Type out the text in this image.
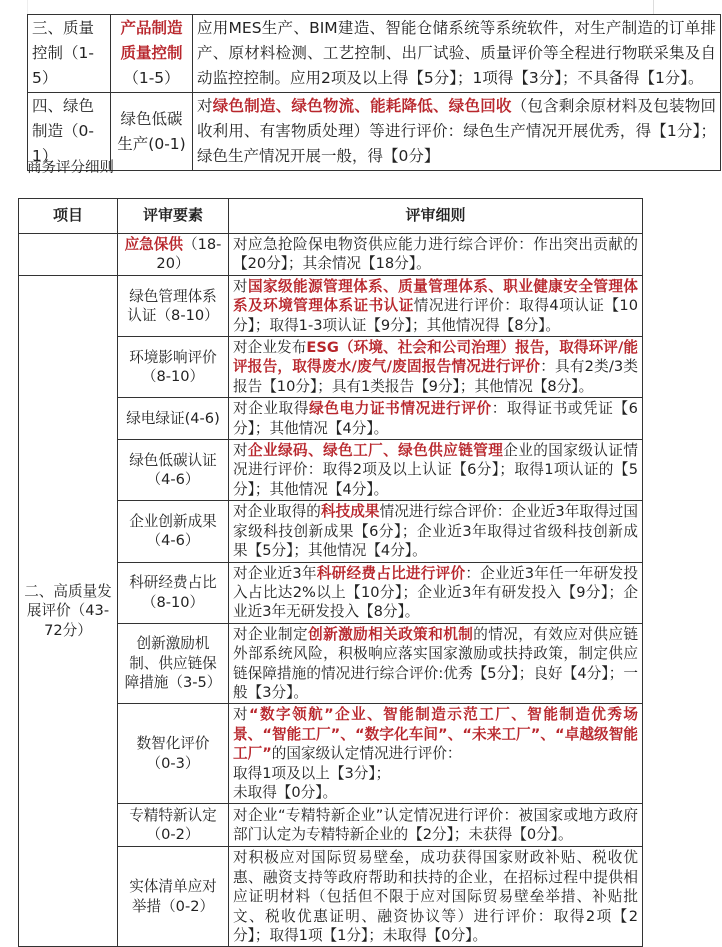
三、质量控制（1-5）	产品制造质量控制（1-5）	应用MES生产、BIM建造、智能仓储系统等系统软件，对生产制造的订单排产、原材料检测、工艺控制、出厂试验、质量评价等全程进行物联采集及自动监控控制。应用2项及以上得【5分】；1项得【3分】；不具备得【1分】。
四、绿色制造（0-1）	绿色低碳生产(0-1)	对绿色制造、绿色物流、能耗降低、绿色回收（包含剩余原材料及包装物回收利用、有害物质处理）等进行评价：绿色生产情况开展优秀，得【1分】；绿色生产情况开展一般，得【0分】
商务评分细则
项目	评审要素	评审细则
	应急保供（18-20）	对应急抢险保电物资供应能力进行综合评价：作出突出贡献的【20分】；其余情况【18分】。
二、高质量发展评价（43-72分）	绿色管理体系认证（8-10）	对国家级能源管理体系、质量管理体系、职业健康安全管理体系及环境管理体系证书认证情况进行评价：取得4项认证【10分】；取得1-3项认证【9分】；其他情况得【8分】。
	环境影响评价（8-10）	对企业发布ESG（环境、社会和公司治理）报告，取得环评/能评报告，取得废水/废气/废固报告情况进行评价：具有2类/3类报告【10分】；具有1类报告【9分】；其他情况【8分】。
	绿电绿证(4-6)	对企业取得绿色电力证书情况进行评价：取得证书或凭证【6分】；其他情况【4分】。
	绿色低碳认证（4-6）	对企业绿码、绿色工厂、绿色供应链管理企业的国家级认证情况进行评价：取得2项及以上认证【6分】；取得1项认证的【5分】；其他情况【4分】。
	企业创新成果（4-6）	对企业取得的科技成果情况进行综合评价：企业近3年取得过国家级科技创新成果【6分】；企业近3年取得过省级科技创新成果【5分】；其他情况【4分】。
	科研经费占比（8-10）	对企业近3年科研经费占比进行评价：企业近3年任一年研发投入占比达2%以上【10分】；企业近3年有研发投入【9分】；企业近3年无研发投入【8分】。
	创新激励机制、供应链保障措施（3-5）	对企业制定创新激励相关政策和机制的情况，有效应对供应链外部系统风险，积极响应落实国家激励或扶持政策，制定供应链保障措施的情况进行综合评价:优秀【5分】；良好【4分】；一般【3分】。
	数智化评价（0-3）	对“数字领航”企业、智能制造示范工厂、智能制造优秀场景、“智能工厂”、“数字化车间”、“未来工厂”、“卓越级智能工厂”的国家级认定情况进行评价：
取得1项及以上【3分】；
未取得【0分】。
	专精特新认定（0-2）	对企业“专精特新企业”认定情况进行评价：被国家或地方政府部门认定为专精特新企业的【2分】；未获得【0分】。
	实体清单应对举措（0-2）	对积极应对国际贸易壁垒，成功获得国家财政补贴、税收优惠、融资支持等政府帮助和扶持的企业，在招标过程中提供相应证明材料（包括但不限于应对国际贸易壁垒举措、补贴批文、税收优惠证明、融资协议等）进行评价：取得2项【2分】；取得1项【1分】；未取得【0分】。
